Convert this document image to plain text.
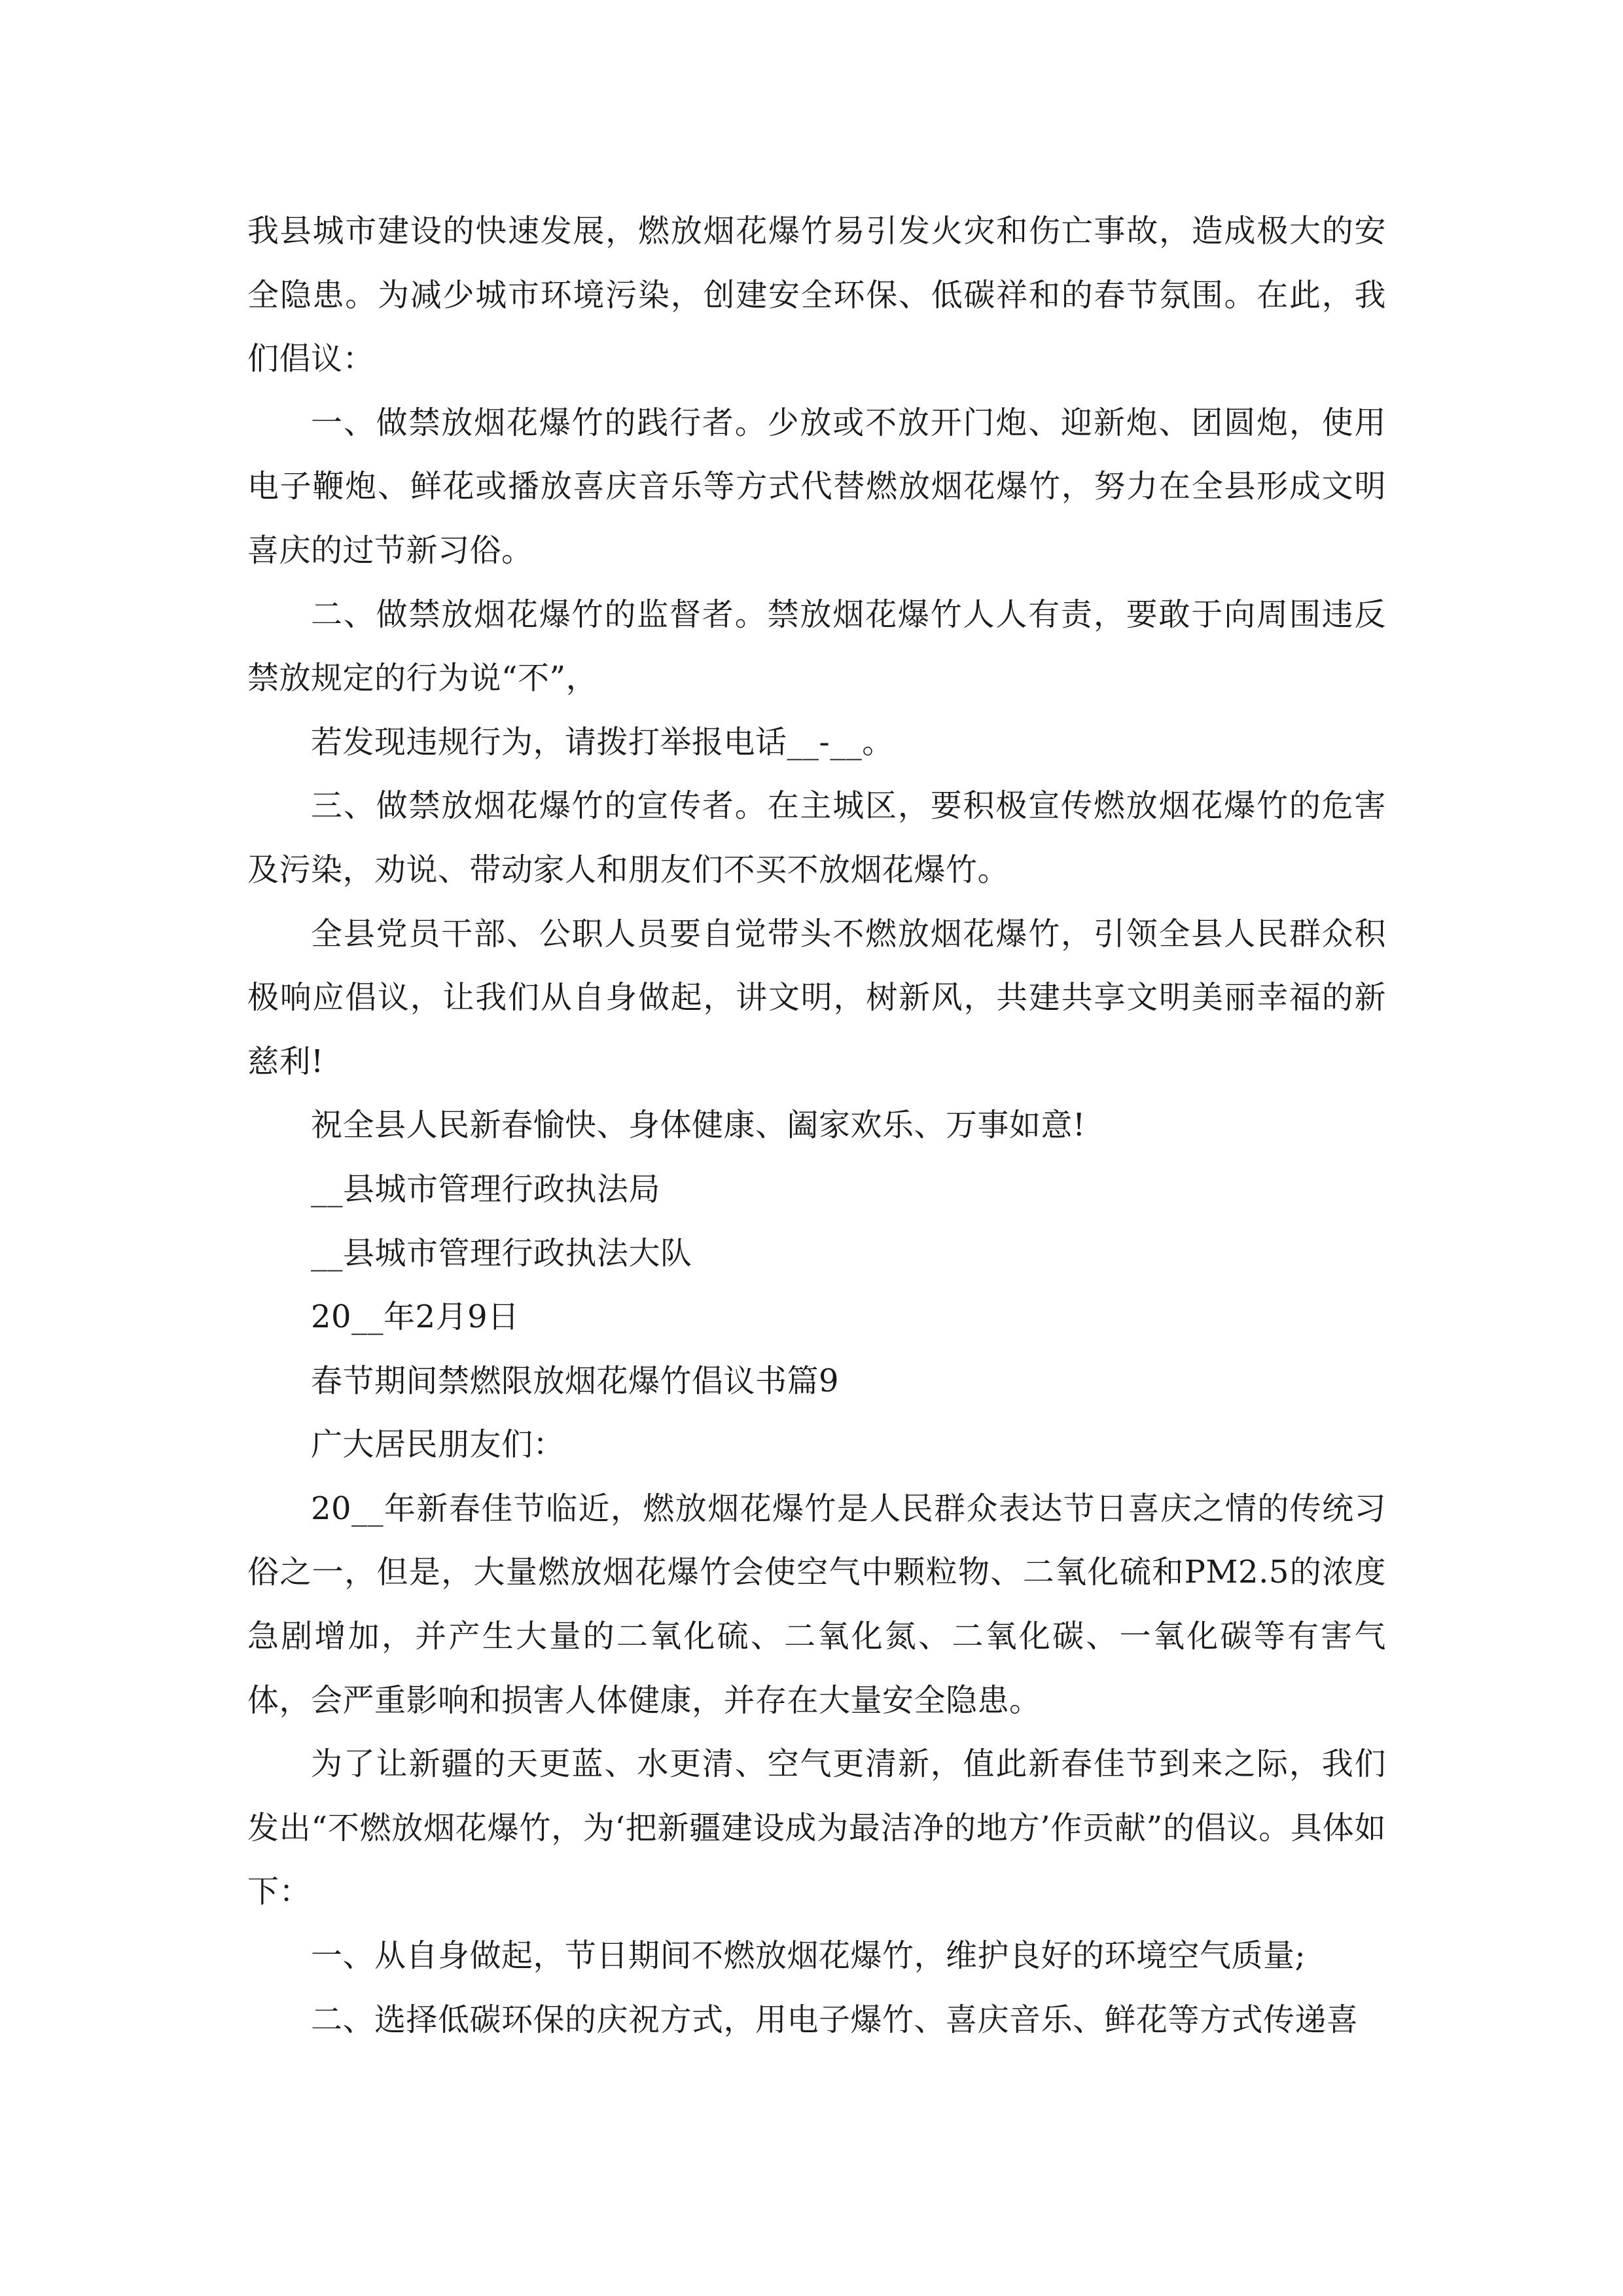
我县城市建设的快速发展，燃放烟花爆竹易引发火灾和伤亡事故，造成极大的安全隐患。为减少城市环境污染，创建安全环保、低碳祥和的春节氛围。在此，我们倡议：

一、做禁放烟花爆竹的践行者。少放或不放开门炮、迎新炮、团圆炮，使用电子鞭炮、鲜花或播放喜庆音乐等方式代替燃放烟花爆竹，努力在全县形成文明喜庆的过节新习俗。

二、做禁放烟花爆竹的监督者。禁放烟花爆竹人人有责，要敢于向周围违反禁放规定的行为说“不”，

若发现违规行为，请拨打举报电话__-__。

三、做禁放烟花爆竹的宣传者。在主城区，要积极宣传燃放烟花爆竹的危害及污染，劝说、带动家人和朋友们不买不放烟花爆竹。

全县党员干部、公职人员要自觉带头不燃放烟花爆竹，引领全县人民群众积极响应倡议，让我们从自身做起，讲文明，树新风，共建共享文明美丽幸福的新慈利!

祝全县人民新春愉快、身体健康、阖家欢乐、万事如意!

__县城市管理行政执法局

__县城市管理行政执法大队

20__年2月9日

春节期间禁燃限放烟花爆竹倡议书篇9

广大居民朋友们：

20__年新春佳节临近，燃放烟花爆竹是人民群众表达节日喜庆之情的传统习俗之一，但是，大量燃放烟花爆竹会使空气中颗粒物、二氧化硫和PM2.5的浓度急剧增加，并产生大量的二氧化硫、二氧化氮、二氧化碳、一氧化碳等有害气体，会严重影响和损害人体健康，并存在大量安全隐患。

为了让新疆的天更蓝、水更清、空气更清新，值此新春佳节到来之际，我们发出“不燃放烟花爆竹，为‘把新疆建设成为最洁净的地方’作贡献”的倡议。具体如下：

一、从自身做起，节日期间不燃放烟花爆竹，维护良好的环境空气质量;

二、选择低碳环保的庆祝方式，用电子爆竹、喜庆音乐、鲜花等方式传递喜
